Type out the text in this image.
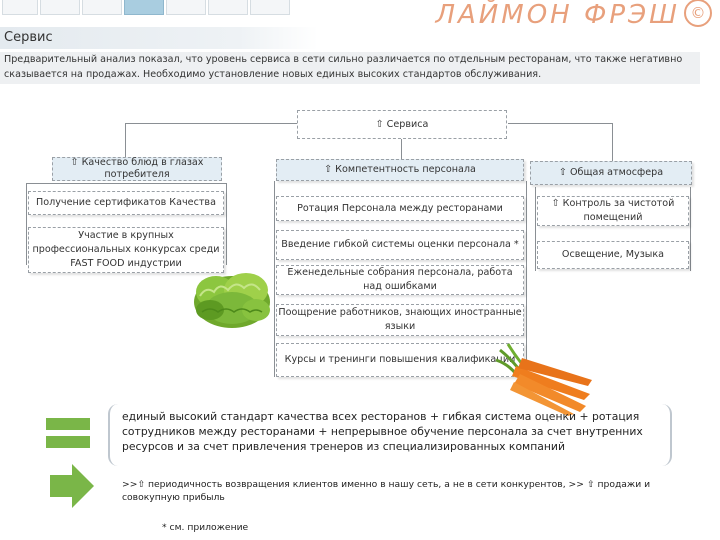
ЛАЙМОН ФРЭШ ©
Сервис
Предварительный анализ показал, что уровень сервиса в сети сильно различается по отдельным ресторанам, что также негативно сказывается на продажах. Необходимо установление новых единых высоких стандартов обслуживания.
⇧ Сервиса
⇧ Качество блюд в глазах потребителя
Получение сертификатов Качества
Участие в крупных профессиональных конкурсах среди FAST FOOD индустрии
⇧ Компетентность персонала
Ротация Персонала между ресторанами
Введение гибкой системы оценки персонала *
Еженедельные собрания персонала, работа над ошибками
Поощрение работников, знающих иностранные языки
Курсы и тренинги повышения квалификации
⇧ Общая атмосфера
⇧ Контроль за чистотой помещений
Освещение, Музыка
единый высокий стандарт качества всех ресторанов + гибкая система оценки + ротация сотрудников между ресторанами + непрерывное обучение персонала за счет внутренних ресурсов и за счет привлечения тренеров из специализированных компаний
>>⇧ периодичность возвращения клиентов именно в нашу сеть, а не в сети конкурентов, >> ⇧ продажи и совокупную прибыль
* см. приложение
